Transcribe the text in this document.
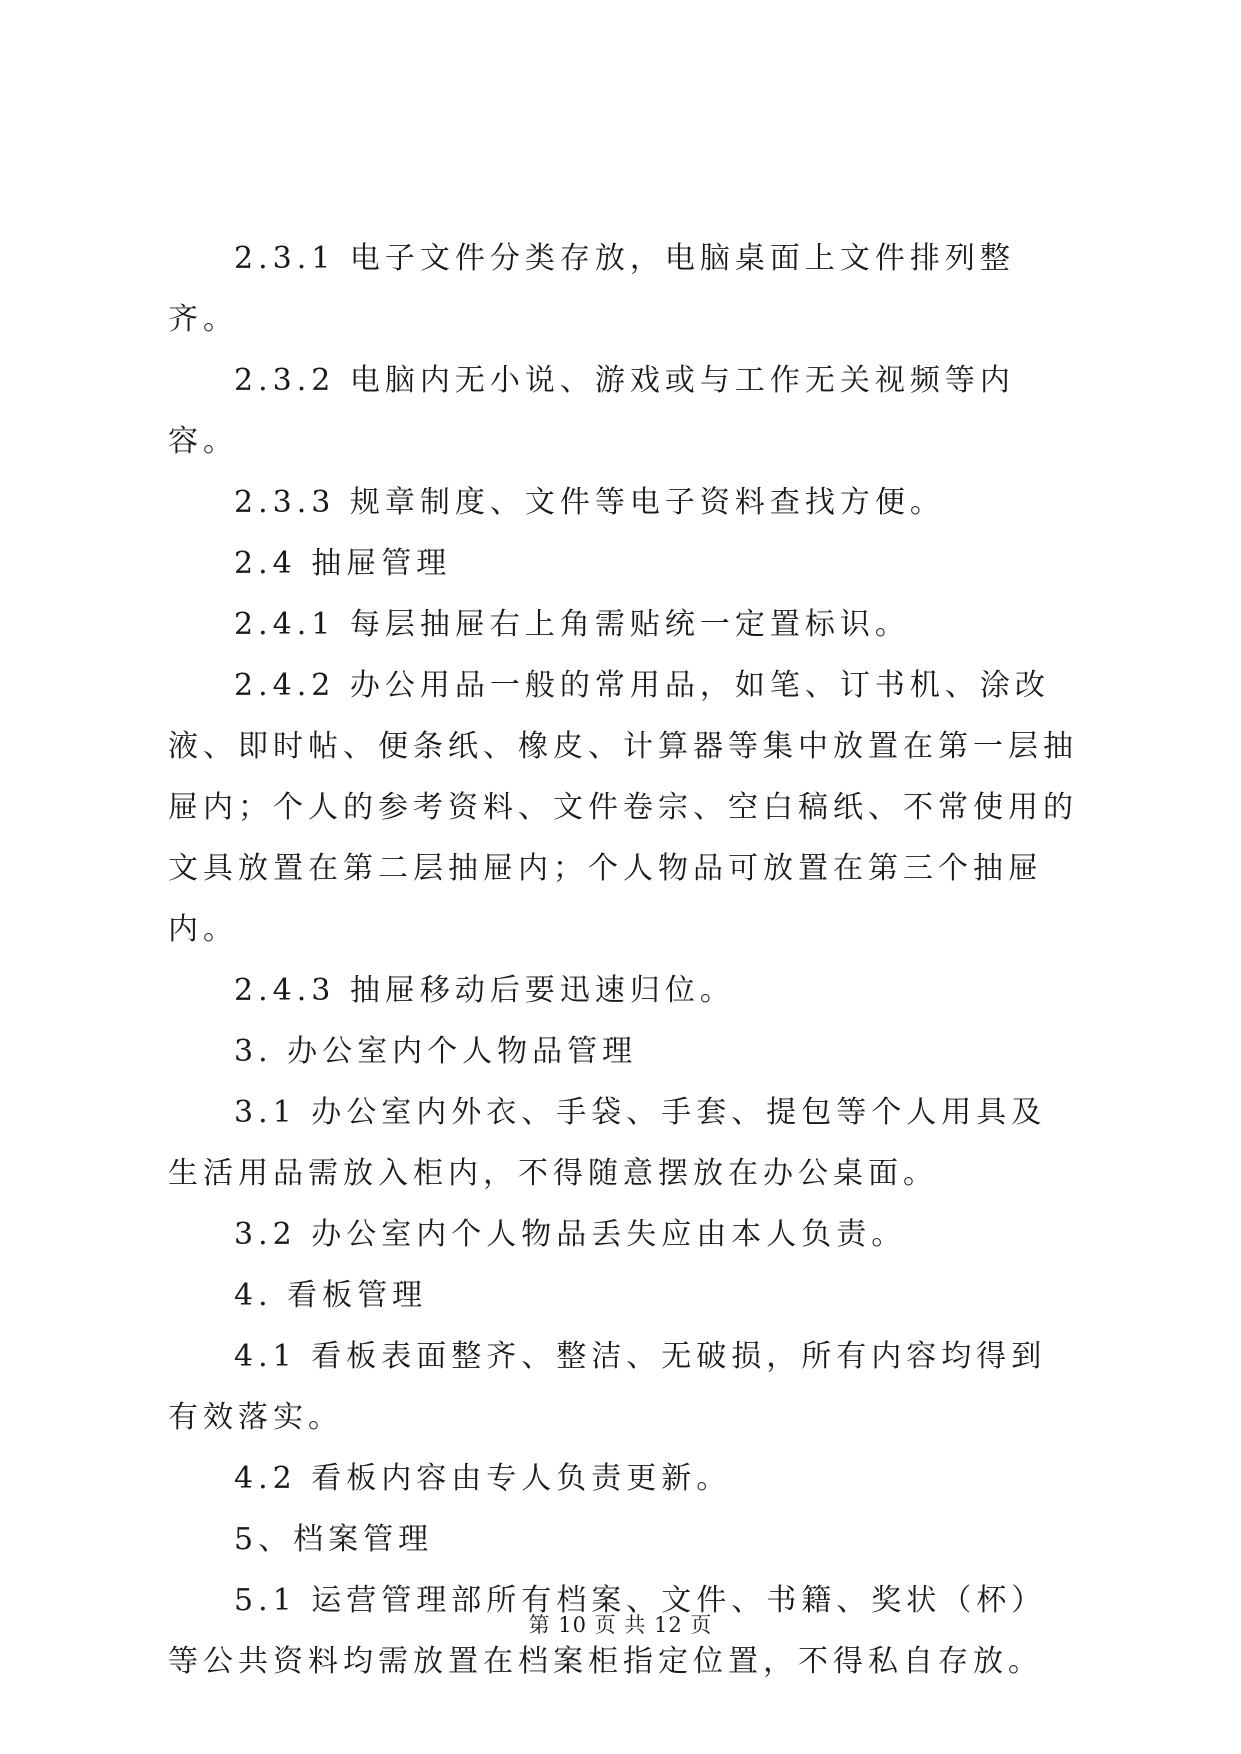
2.3.1 电子文件分类存放，电脑桌面上文件排列整齐。

2.3.2 电脑内无小说、游戏或与工作无关视频等内容。

2.3.3 规章制度、文件等电子资料查找方便。

2.4 抽屉管理

2.4.1 每层抽屉右上角需贴统一定置标识。

2.4.2 办公用品一般的常用品，如笔、订书机、涂改液、即时帖、便条纸、橡皮、计算器等集中放置在第一层抽屉内；个人的参考资料、文件卷宗、空白稿纸、不常使用的文具放置在第二层抽屉内；个人物品可放置在第三个抽屉内。

2.4.3 抽屉移动后要迅速归位。

3. 办公室内个人物品管理

3.1 办公室内外衣、手袋、手套、提包等个人用具及生活用品需放入柜内，不得随意摆放在办公桌面。

3.2 办公室内个人物品丢失应由本人负责。

4. 看板管理

4.1 看板表面整齐、整洁、无破损，所有内容均得到有效落实。

4.2 看板内容由专人负责更新。

5、档案管理

5.1 运营管理部所有档案、文件、书籍、奖状（杯）等公共资料均需放置在档案柜指定位置，不得私自存放。

第 10 页 共 12 页
